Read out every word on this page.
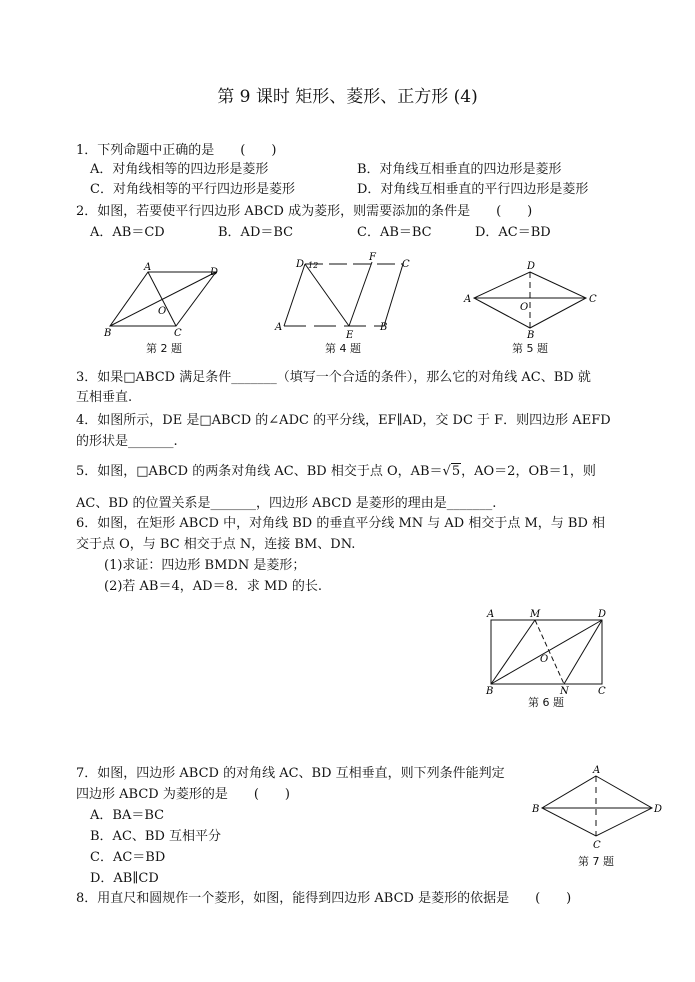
第 9 课时 矩形、菱形、正方形 (4)
1．下列命题中正确的是　　(　　)
A．对角线相等的四边形是菱形	B．对角线互相垂直的四边形是菱形
C．对角线相等的平行四边形是菱形	D．对角线互相垂直的平行四边形是菱形
2．如图，若要使平行四边形 ABCD 成为菱形，则需要添加的条件是　　(　　)
A．AB＝CD	B．AD＝BC	C．AB＝BC	D．AC＝BD
A	D
B	C
O
第 2 题
D 12
F
C
A
E
B
第 4 题
D
A	C
O
B
第 5 题
3．如果□ABCD 满足条件_______（填写一个合适的条件），那么它的对角线 AC、BD 就
互相垂直.
4．如图所示，DE 是□ABCD 的∠ADC 的平分线，EF∥AD，交 DC 于 F．则四边形 AEFD
的形状是_______.
5．如图，□ABCD 的两条对角线 AC、BD 相交于点 O，AB＝√5，AO＝2，OB＝1，则
AC、BD 的位置关系是_______，四边形 ABCD 是菱形的理由是_______.
6．如图，在矩形 ABCD 中，对角线 BD 的垂直平分线 MN 与 AD 相交于点 M，与 BD 相
交于点 O，与 BC 相交于点 N，连接 BM、DN.
(1)求证：四边形 BMDN 是菱形；
(2)若 AB＝4，AD＝8．求 MD 的长.
A	M	D
O
B	N	C
第 6 题
7．如图，四边形 ABCD 的对角线 AC、BD 互相垂直，则下列条件能判定
四边形 ABCD 为菱形的是　　(　　)
A．BA＝BC
B．AC、BD 互相平分
C．AC＝BD
D．AB∥CD
A
B	D
C
第 7 题
8．用直尺和圆规作一个菱形，如图，能得到四边形 ABCD 是菱形的依据是　　(　　)
